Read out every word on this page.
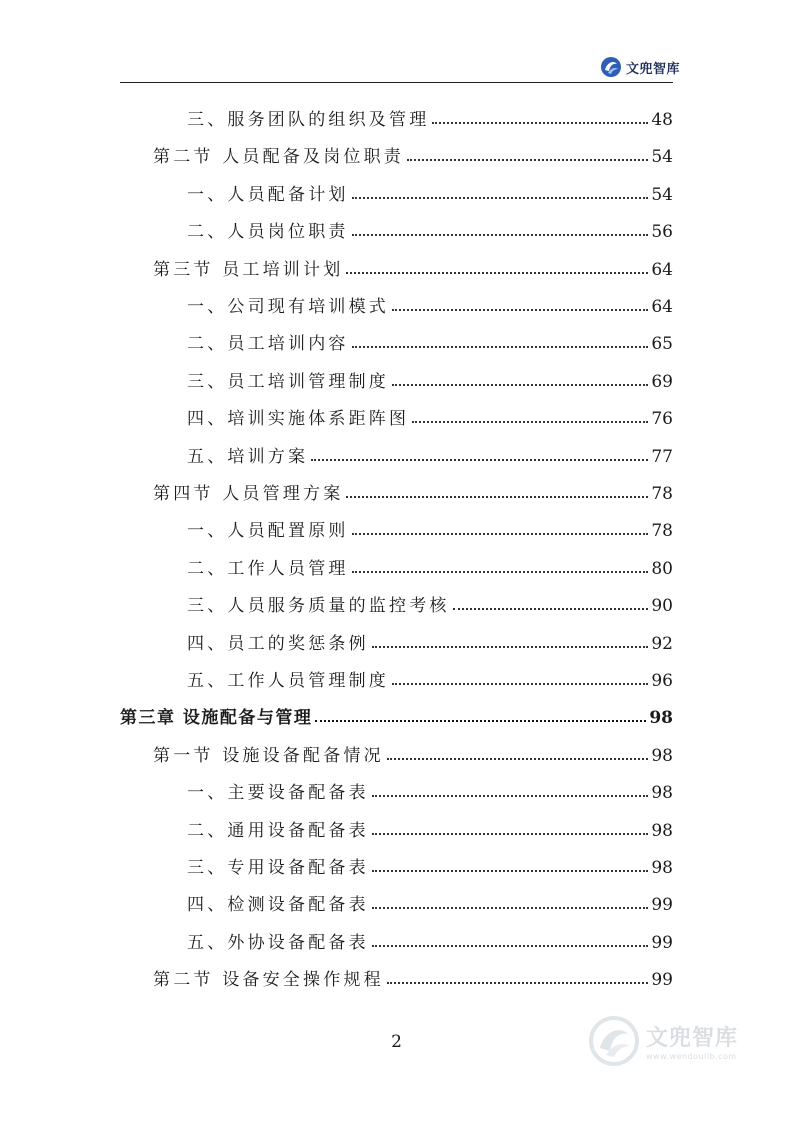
文兜智库
三、服务团队的组织及管理	48
第二节 人员配备及岗位职责	54
一、人员配备计划	54
二、人员岗位职责	56
第三节 员工培训计划	64
一、公司现有培训模式	64
二、员工培训内容	65
三、员工培训管理制度	69
四、培训实施体系距阵图	76
五、培训方案	77
第四节 人员管理方案	78
一、人员配置原则	78
二、工作人员管理	80
三、人员服务质量的监控考核	90
四、员工的奖惩条例	92
五、工作人员管理制度	96
第三章 设施配备与管理	98
第一节 设施设备配备情况	98
一、主要设备配备表	98
二、通用设备配备表	98
三、专用设备配备表	98
四、检测设备配备表	99
五、外协设备配备表	99
第二节 设备安全操作规程	99
2	文兜智库
www.wendoulib.com
